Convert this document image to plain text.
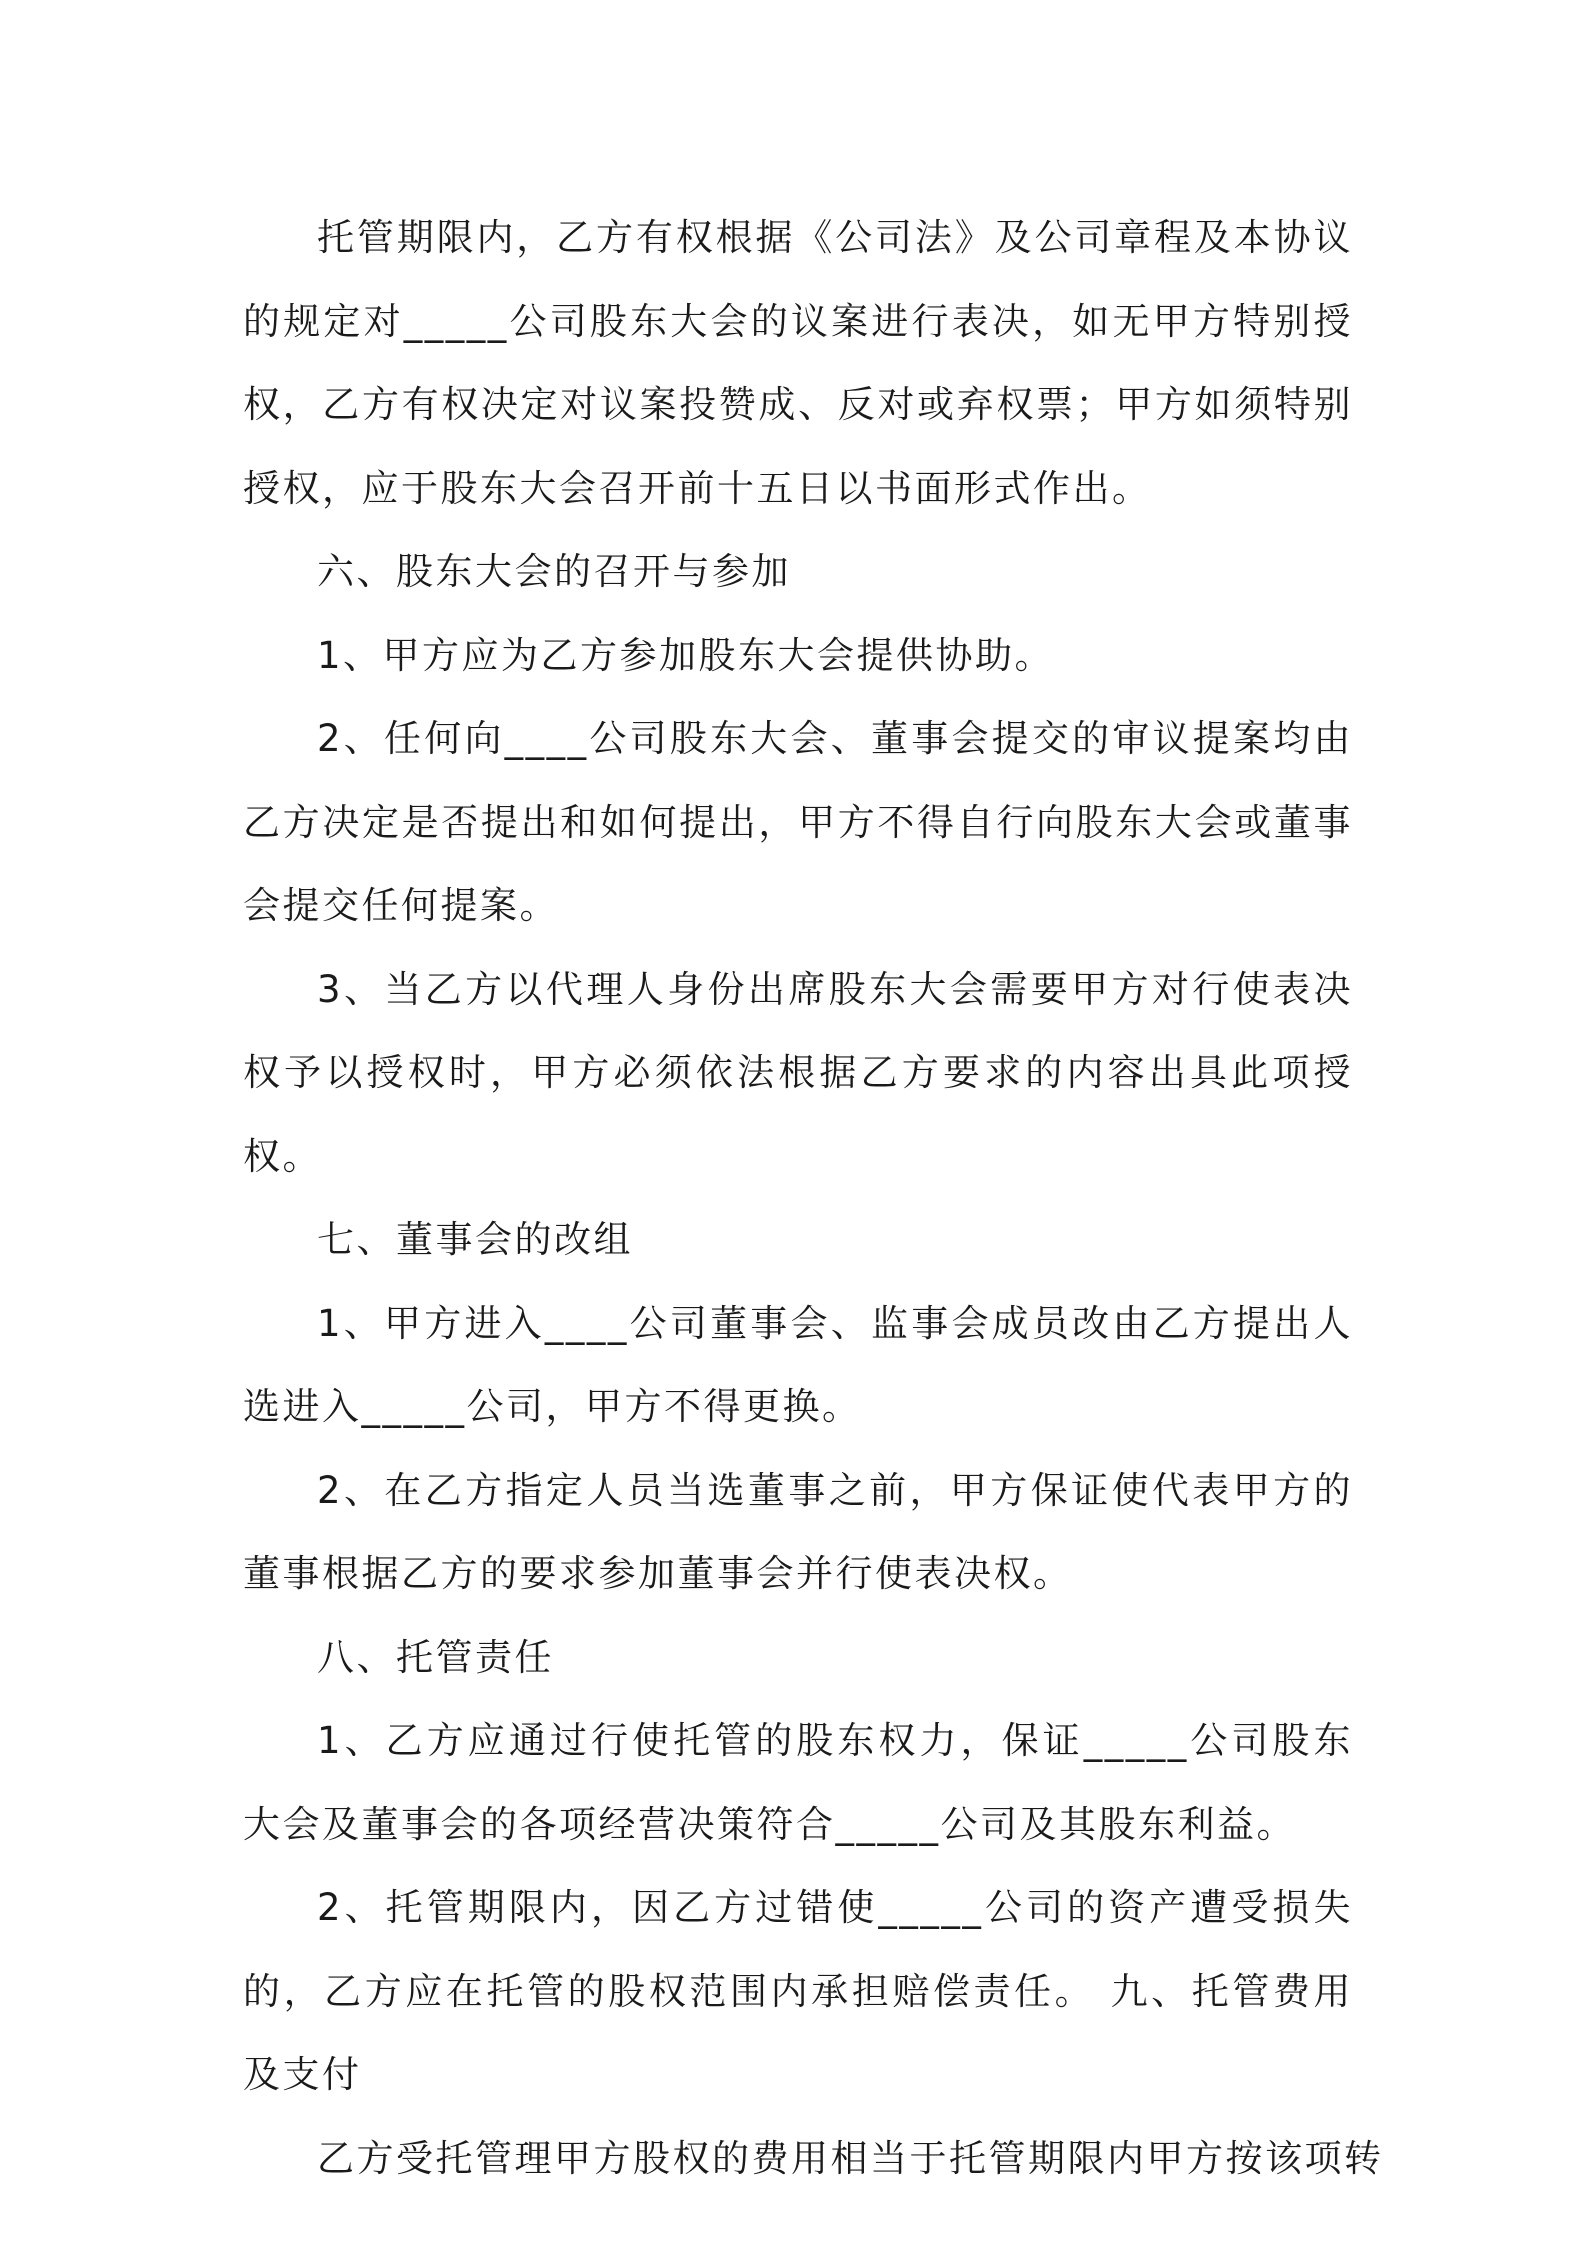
托管期限内，乙方有权根据《公司法》及公司章程及本协议的规定对_____公司股东大会的议案进行表决，如无甲方特别授权，乙方有权决定对议案投赞成、反对或弃权票；甲方如须特别授权，应于股东大会召开前十五日以书面形式作出。

六、股东大会的召开与参加

1、甲方应为乙方参加股东大会提供协助。

2、任何向____公司股东大会、董事会提交的审议提案均由乙方决定是否提出和如何提出，甲方不得自行向股东大会或董事会提交任何提案。

3、当乙方以代理人身份出席股东大会需要甲方对行使表决权予以授权时，甲方必须依法根据乙方要求的内容出具此项授权。

七、董事会的改组

1、甲方进入____公司董事会、监事会成员改由乙方提出人选进入_____公司，甲方不得更换。

2、在乙方指定人员当选董事之前，甲方保证使代表甲方的董事根据乙方的要求参加董事会并行使表决权。

八、托管责任

1、乙方应通过行使托管的股东权力，保证_____公司股东大会及董事会的各项经营决策符合_____公司及其股东利益。

2、托管期限内，因乙方过错使_____公司的资产遭受损失的，乙方应在托管的股权范围内承担赔偿责任。 九、托管费用及支付

乙方受托管理甲方股权的费用相当于托管期限内甲方按该项转
